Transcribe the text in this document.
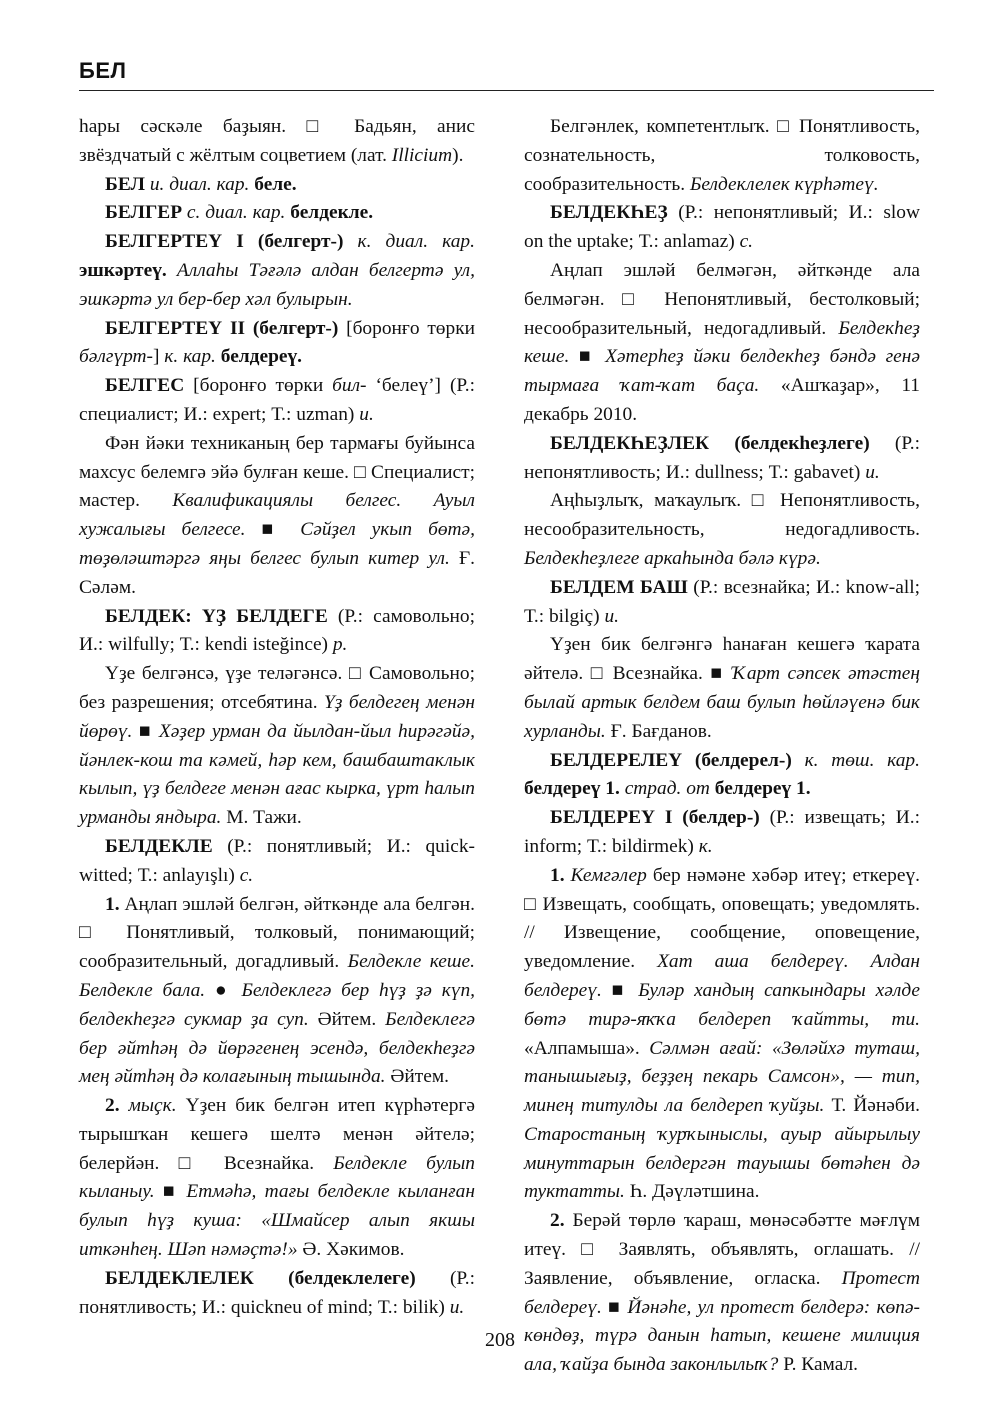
БЕЛ

һары сәскәле баҙыян. □ Бадьян, анис звёздчатый с жёлтым соцветием (лат. Illicium).

БЕЛ и. диал. кар. беле.

БЕЛГЕР с. диал. кар. белдекле.

БЕЛГЕРТЕҮ I (белгерт-) к. диал. кар. эшкәртеү. Аллаһы Тәғәлә алдан белгертә ул, эшкәртә ул бер-бер хәл булырын.

БЕЛГЕРТЕҮ II (белгерт-) [боронғо төрки бәлгүрт-] к. кар. белдереү.

БЕЛГЕС [боронғо төрки бил- ‘белеү’] (Р.: специалист; И.: expert; Т.: uzman) и.

Фән йәки техниканың бер тармағы буйынса махсус белемгә эйә булған кеше. □ Специалист; мастер. Квалификациялы белгес. Ауыл хужалығы белгесе. ■ Сәйҙел укып бөтә, төҙөләштәргә яңы белгес булып китер ул. Ғ. Сәләм.

БЕЛДЕК: ҮҘ БЕЛДЕГЕ (Р.: самовольно; И.: wilfully; Т.: kendi isteğince) р.

Үҙе белгәнсә, үҙе теләгәнсә. □ Самовольно; без разрешения; отсебятина. Үҙ белдегең менән йөрөү. ■ Хәҙер урман да йылдан-йыл һирәгәйә, йәнлек-кош та кәмей, һәр кем, башбаштаклык кылып, үҙ белдеге менән ағас кырка, үрт һалып урманды яндыра. М. Тажи.

БЕЛДЕКЛЕ (Р.: понятливый; И.: quick-witted; Т.: anlayışlı) с.

1. Аңлап эшләй белгән, әйткәнде ала белгән. □ Понятливый, толковый, понимающий; сообразительный, догадливый. Белдекле кеше. Белдекле бала. ● Белдеклегә бер һүҙ ҙә күп, белдекһеҙгә сукмар ҙа суп. Әйтем. Белдеклегә бер әйтһәң дә йөрәгенең эсендә, белдекһеҙгә мең әйтһәң дә колағының тышында. Әйтем.

2. мыҫк. Үҙен бик белгән итеп күрһәтергә тырышҡан кешегә шелтә менән әйтелә; белерйән. □ Всезнайка. Белдекле булып кыланыу. ■ Етмәһә, тағы белдекле кыланған булып һүҙ куша: «Шмайсер алып якшы иткәнһең. Шәп нәмәҫтә!» Ә. Хәкимов.

БЕЛДЕКЛЕЛЕК (белдеклелеге) (Р.: понятливость; И.: quickneu of mind; Т.: bilik) и.

Белгәнлек, компетентлыҡ. □ Понятливость, сознательность, толковость, сообразительность. Белдеклелек күрһәтеү.

БЕЛДЕКҺЕҘ (Р.: непонятливый; И.: slow on the uptake; Т.: anlamaz) с.

Аңлап эшләй белмәгән, әйткәнде ала белмәгән. □ Непонятливый, бестолковый; несообразительный, недогадливый. Белдекһеҙ кеше. ■ Хәтерһеҙ йәки белдекһеҙ бәндә генә тырмаға ҡат-ҡат баҫа. «Ашҡаҙар», 11 декабрь 2010.

БЕЛДЕКҺЕҘЛЕК (белдекһеҙлеге) (Р.: непонятливость; И.: dullness; Т.: gabavet) и.

Аңһыҙлыҡ, маҡаулыҡ. □ Непонятливость, несообразительность, недогадливость. Белдекһеҙлеге аркаһында бәлә күрә.

БЕЛДЕМ БАШ (Р.: всезнайка; И.: know-all; Т.: bilgiç) и.

Үҙен бик белгәнгә һанаған кешегә ҡарата әйтелә. □ Всезнайка. ■ Ҡарт сәпсек әтәстең былай артык белдем баш булып һөйләүенә бик хурланды. Ғ. Бағданов.

БЕЛДЕРЕЛЕҮ (белдерел-) к. төш. кар. белдереү 1. страд. от белдереү 1.

БЕЛДЕРЕҮ I (белдер-) (Р.: извещать; И.: inform; Т.: bildirmek) к.

1. Кемгәлер бер нәмәне хәбәр итеү; еткереү. □ Извещать, сообщать, оповещать; уведомлять. // Извещение, сообщение, оповещение, уведомление. Хат аша белдереү. Алдан белдереү. ■ Буләр хандың сапкындары хәлде бөтә тирә-яҡҡа белдереп ҡайтты, ти. «Алпамыша». Сәлмән ағай: «Зөләйхә туташ, танышығыҙ, беҙҙең пекарь Самсон», — тип, минең титулды ла белдереп ҡуйҙы. Т. Йәнәби. Старостаның ҡурҡыныслы, ауыр айырылыу минуттарын белдергән тауышы бөтәһен дә туктатты. Һ. Дәүләтшина.

2. Берәй төрлө ҡараш, мөнәсәбәтте мәғлүм итеү. □ Заявлять, объявлять, оглашать. // Заявление, объявление, огласка. Протест белдереү. ■ Йәнәһе, ул протест белдерә: көпә-көндөҙ, түрә данын һатып, кешене милиция ала, ҡайҙа бында законлылыҡ? Р. Камал.

208
